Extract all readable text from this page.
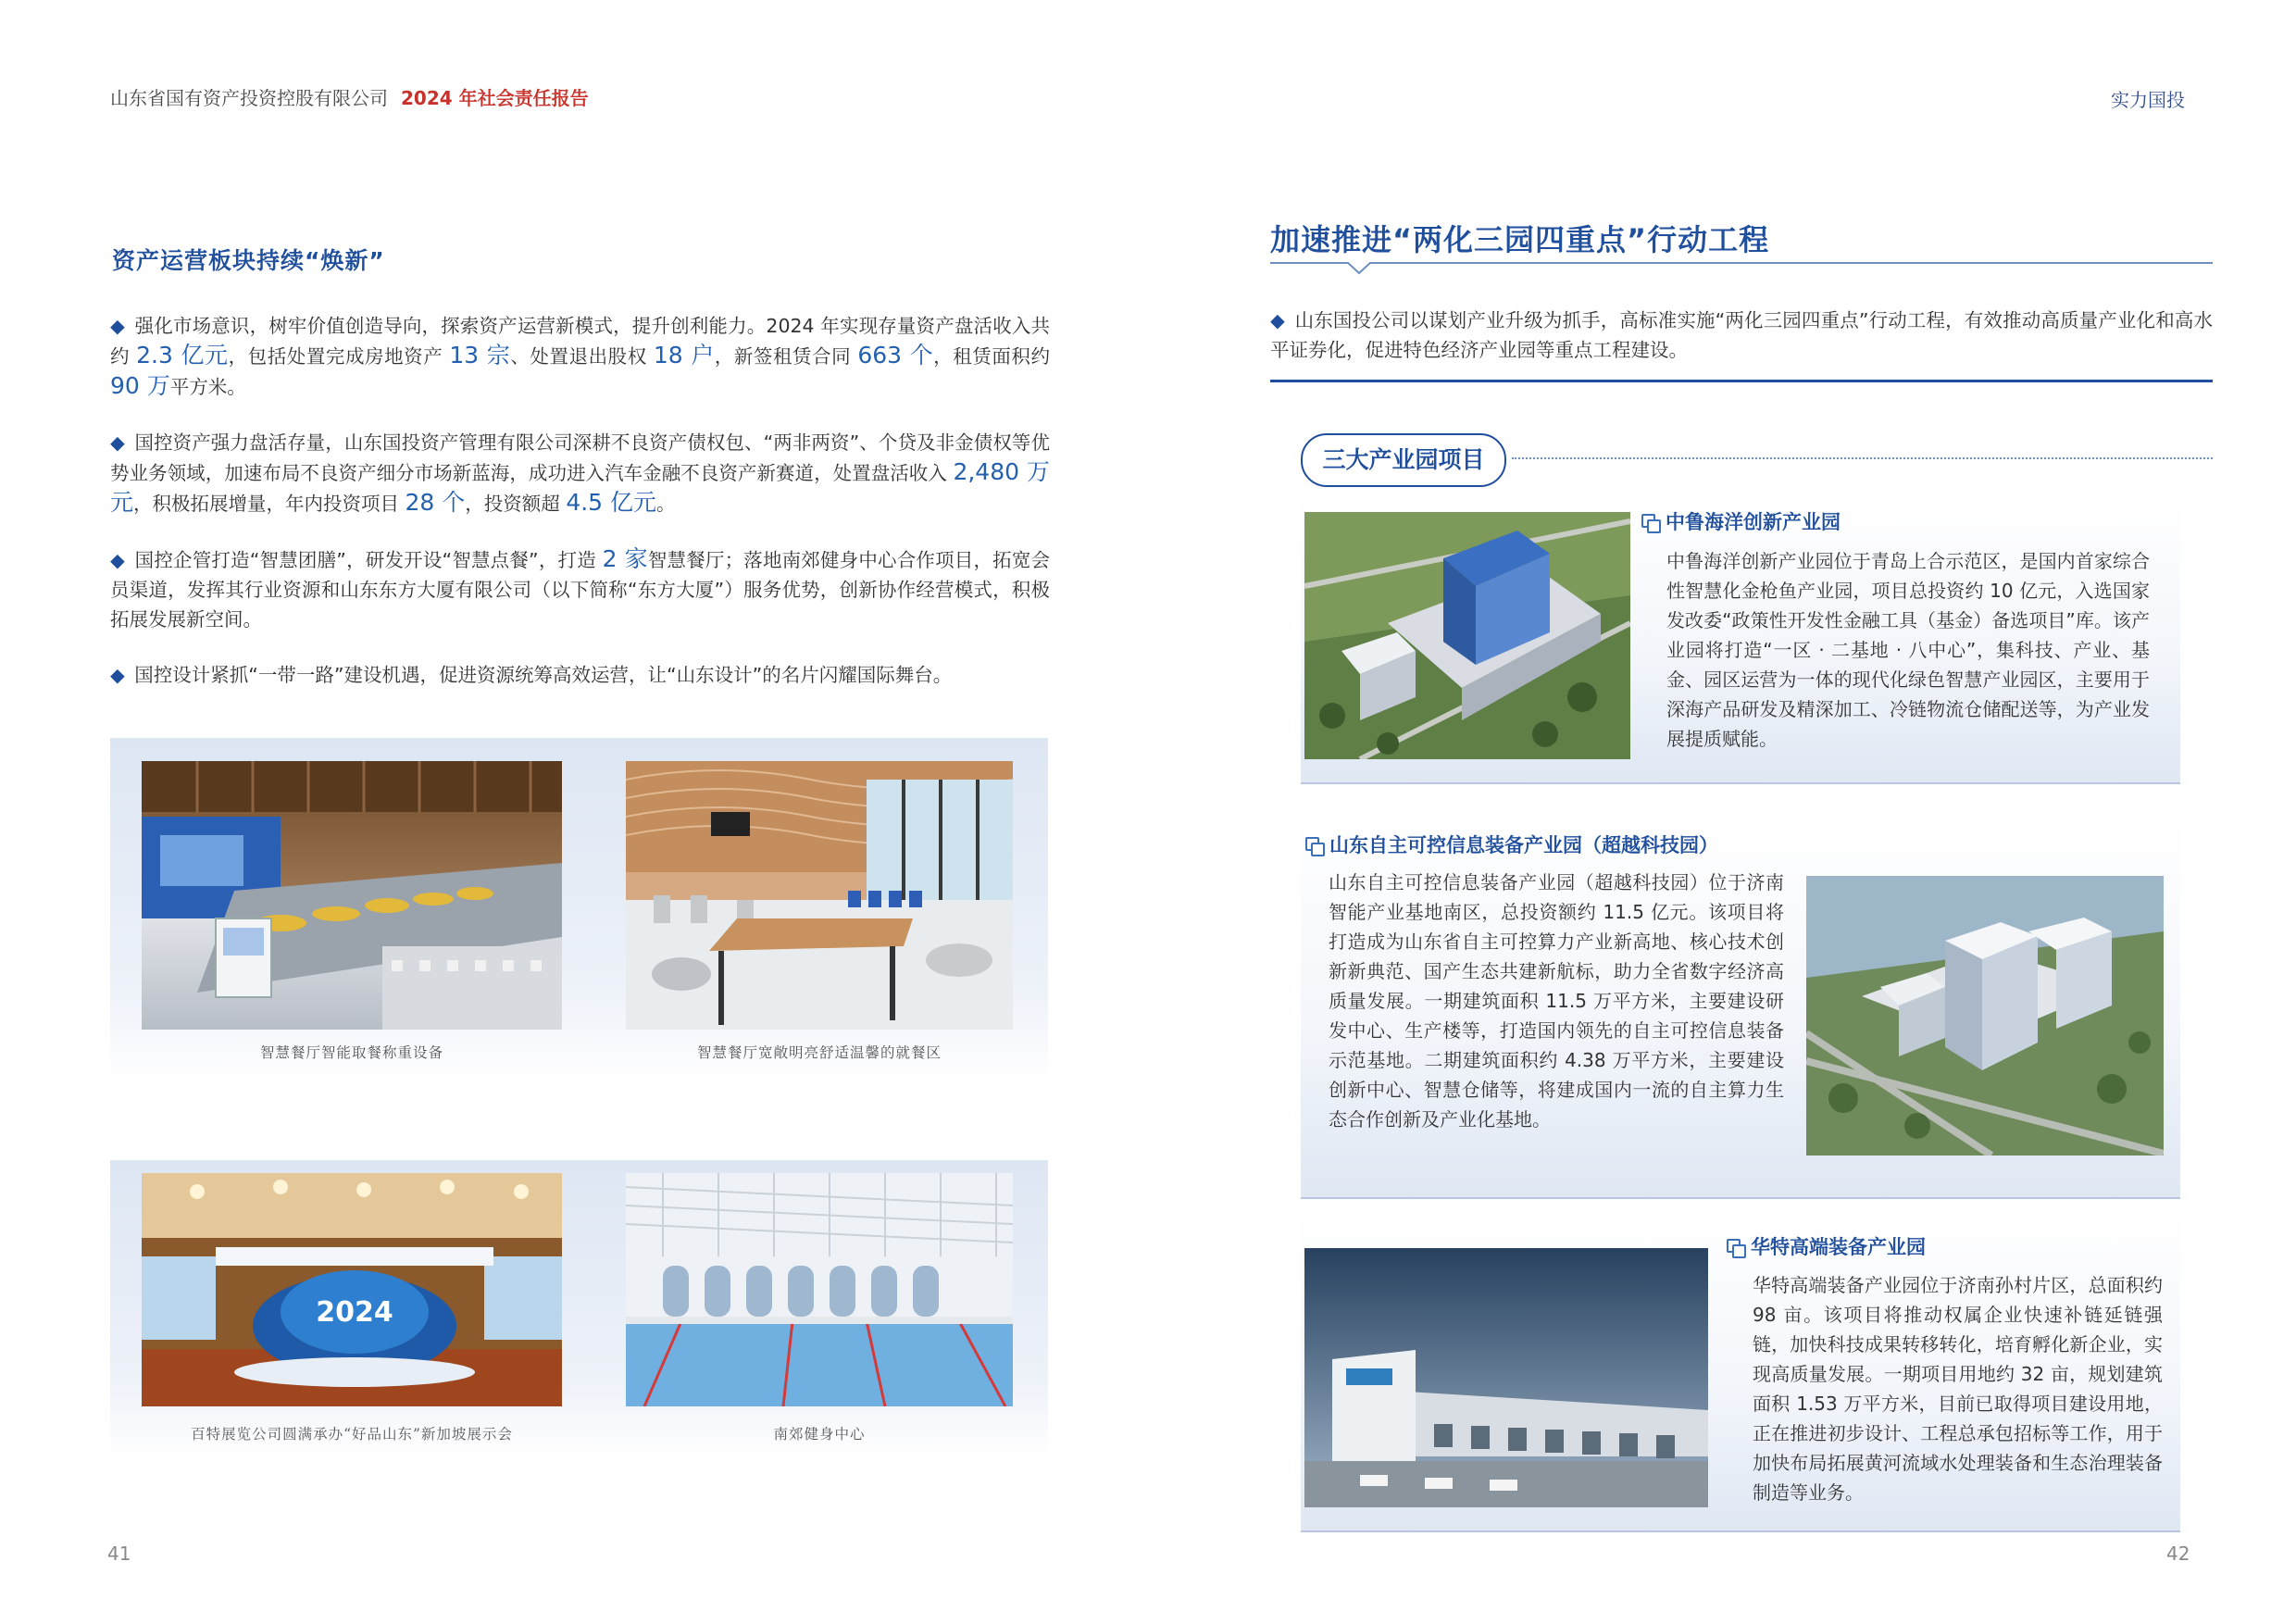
山东省国有资产投资控股有限公司 2024 年社会责任报告	实力国投
资产运营板块持续“焕新”
◆ 强化市场意识，树牢价值创造导向，探索资产运营新模式，提升创利能力。2024 年实现存量资产盘活收入共约 2.3 亿元，包括处置完成房地资产 13 宗、处置退出股权 18 户，新签租赁合同 663 个，租赁面积约 90 万平方米。
◆ 国控资产强力盘活存量，山东国投资产管理有限公司深耕不良资产债权包、“两非两资”、个贷及非金债权等优势业务领域，加速布局不良资产细分市场新蓝海，成功进入汽车金融不良资产新赛道，处置盘活收入 2,480 万元，积极拓展增量，年内投资项目 28 个，投资额超 4.5 亿元。
◆ 国控企管打造“智慧团膳”，研发开设“智慧点餐”，打造 2 家智慧餐厅；落地南郊健身中心合作项目，拓宽会员渠道，发挥其行业资源和山东东方大厦有限公司（以下简称“东方大厦”）服务优势，创新协作经营模式，积极拓展发展新空间。
◆ 国控设计紧抓“一带一路”建设机遇，促进资源统筹高效运营，让“山东设计”的名片闪耀国际舞台。
智慧餐厅智能取餐称重设备	智慧餐厅宽敞明亮舒适温馨的就餐区
2024
百特展览公司圆满承办“好品山东”新加坡展示会	南郊健身中心
41
加速推进“两化三园四重点”行动工程
◆ 山东国投公司以谋划产业升级为抓手，高标准实施“两化三园四重点”行动工程，有效推动高质量产业化和高水平证券化，促进特色经济产业园等重点工程建设。
三大产业园项目
中鲁海洋创新产业园
中鲁海洋创新产业园位于青岛上合示范区，是国内首家综合性智慧化金枪鱼产业园，项目总投资约 10 亿元，入选国家发改委“政策性开发性金融工具（基金）备选项目”库。该产业园将打造“一区 · 二基地 · 八中心”，集科技、产业、基金、园区运营为一体的现代化绿色智慧产业园区，主要用于深海产品研发及精深加工、冷链物流仓储配送等，为产业发展提质赋能。
山东自主可控信息装备产业园（超越科技园）
山东自主可控信息装备产业园（超越科技园）位于济南智能产业基地南区，总投资额约 11.5 亿元。该项目将打造成为山东省自主可控算力产业新高地、核心技术创新新典范、国产生态共建新航标，助力全省数字经济高质量发展。一期建筑面积 11.5 万平方米，主要建设研发中心、生产楼等，打造国内领先的自主可控信息装备示范基地。二期建筑面积约 4.38 万平方米，主要建设创新中心、智慧仓储等，将建成国内一流的自主算力生态合作创新及产业化基地。
华特高端装备产业园
华特高端装备产业园位于济南孙村片区，总面积约 98 亩。该项目将推动权属企业快速补链延链强链，加快科技成果转移转化，培育孵化新企业，实现高质量发展。一期项目用地约 32 亩，规划建筑面积 1.53 万平方米，目前已取得项目建设用地，正在推进初步设计、工程总承包招标等工作，用于加快布局拓展黄河流域水处理装备和生态治理装备制造等业务。
42
